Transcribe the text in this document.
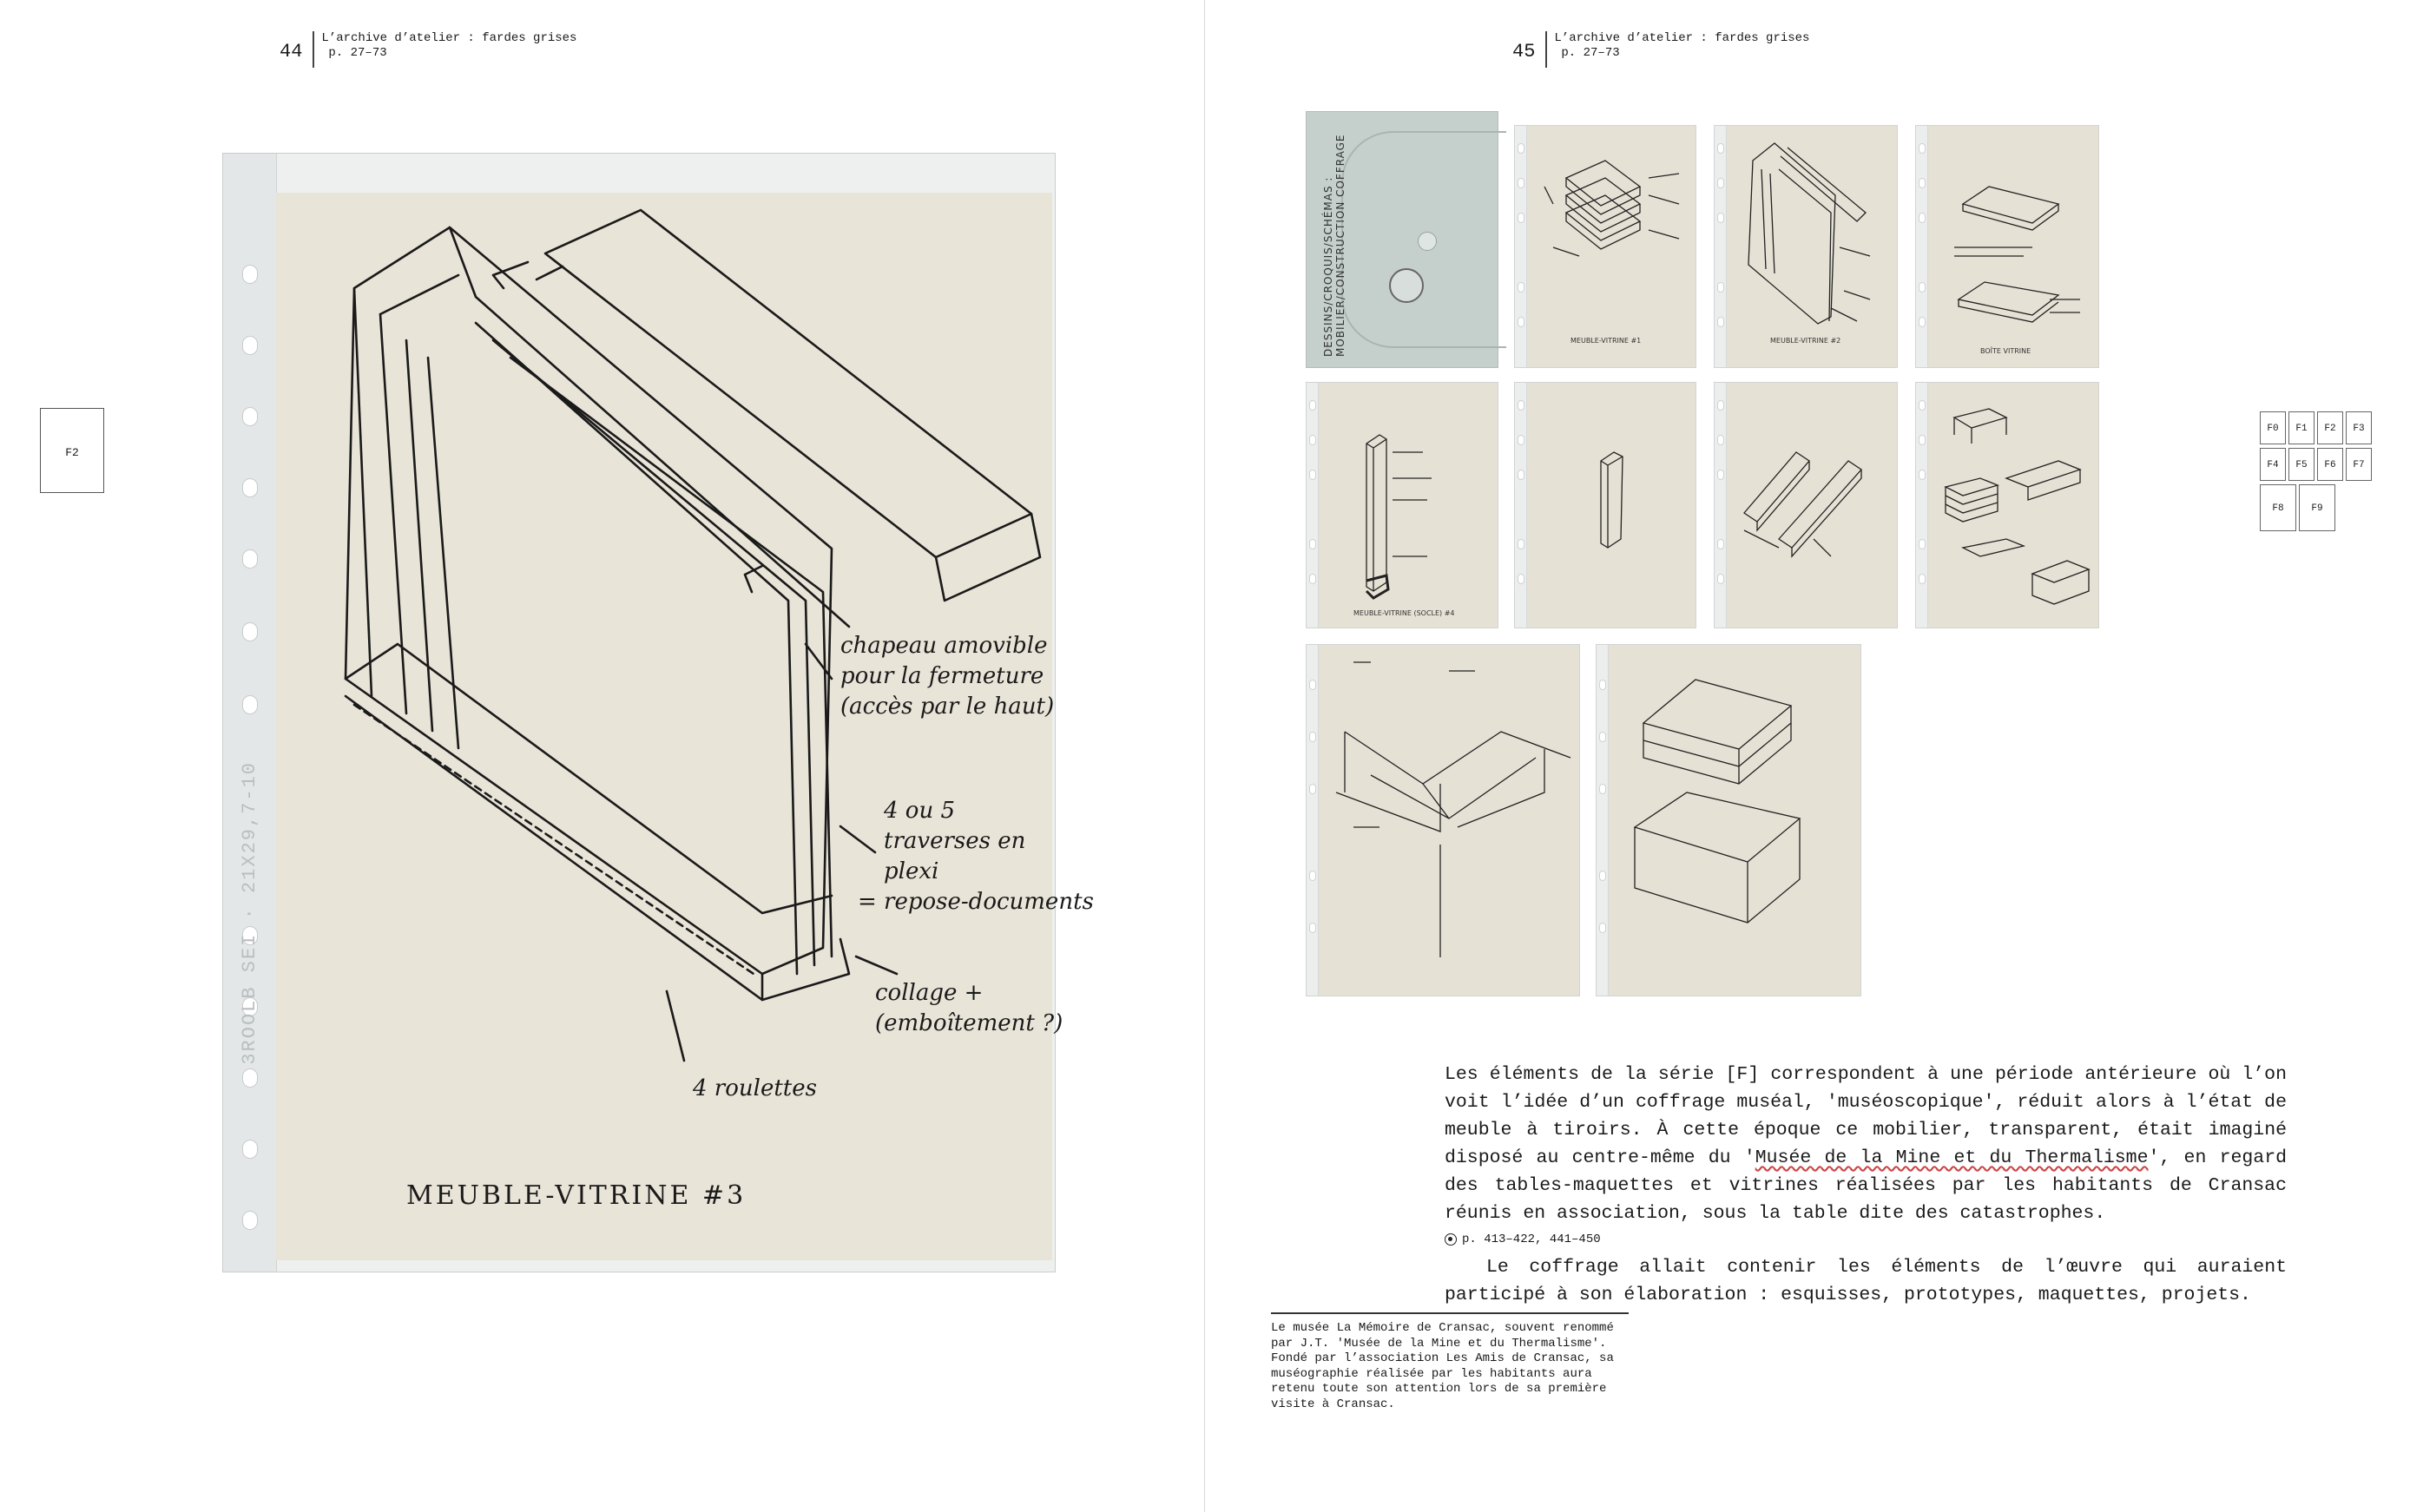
44
L’archive d’atelier : fardes grises
p. 27–73
F2
3ROOLB SEI · 21X29,7-10
chapeau amovible
pour la fermeture
(accès par le haut)
4 ou 5
traverses en
plexi
= repose-documents
collage +
(emboîtement ?)
4 roulettes
MEUBLE-VITRINE #3
45
L’archive d’atelier : fardes grises
p. 27–73
DESSINS/CROQUIS/SCHÉMAS : MOBILIER/CONSTRUCTION COFFRAGE	MEUBLE-VITRINE #1	MEUBLE-VITRINE #2
BOÎTE VITRINE
MEUBLE-VITRINE (SOCLE) #4
F0	F1	F2	F3
F4	F5	F6	F7
F8	F9

Les éléments de la série [F] correspondent à une période antérieure où l’on voit l’idée d’un coffrage muséal, 'muséoscopique', réduit alors à l’état de meuble à tiroirs. À cette époque ce mobilier, transparent, était imaginé disposé au centre-même du 'Musée de la Mine et du Thermalisme', en regard des tables-maquettes et vitrines réalisées par les habitants de Cransac réunis en association, sous la table dite des catastrophes.

p. 413–422, 441–450

Le coffrage allait contenir les éléments de l’œuvre qui auraient participé à son élaboration : esquisses, prototypes, maquettes, projets.

Le musée La Mémoire de Cransac, souvent renommé par J.T. 'Musée de la Mine et du Thermalisme'. Fondé par l’association Les Amis de Cransac, sa muséographie réalisée par les habitants aura retenu toute son attention lors de sa première visite à Cransac.
